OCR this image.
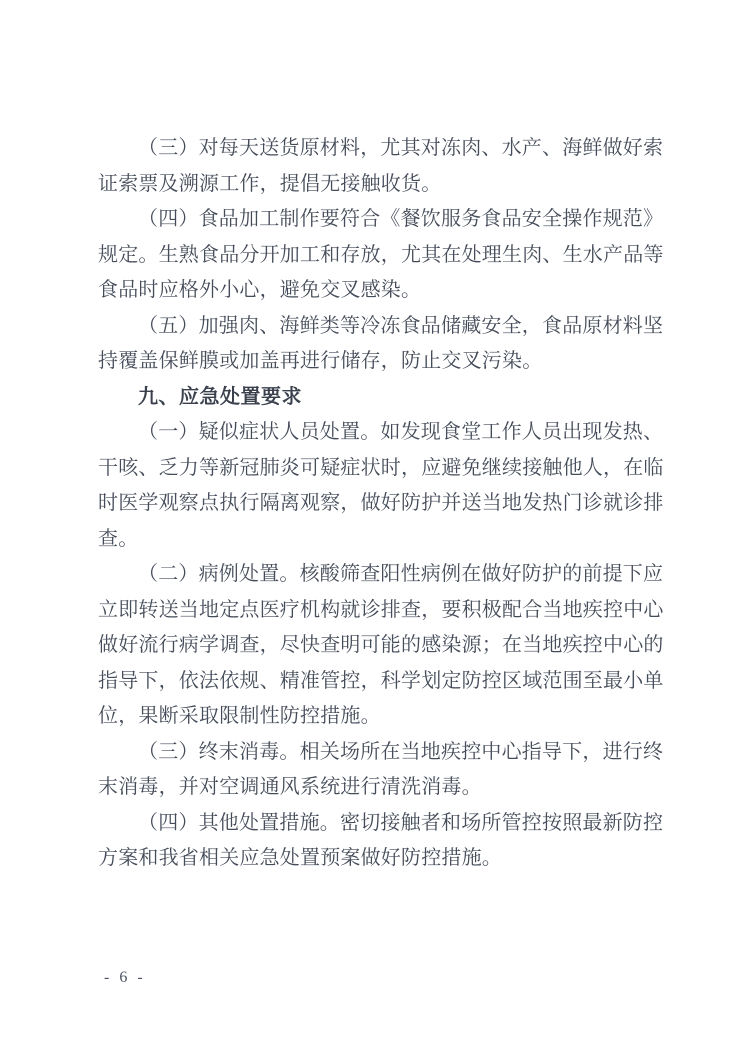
（三）对每天送货原材料，尤其对冻肉、水产、海鲜做好索
证索票及溯源工作，提倡无接触收货。
（四）食品加工制作要符合《餐饮服务食品安全操作规范》
规定。生熟食品分开加工和存放，尤其在处理生肉、生水产品等
食品时应格外小心，避免交叉感染。
（五）加强肉、海鲜类等冷冻食品储藏安全，食品原材料坚
持覆盖保鲜膜或加盖再进行储存，防止交叉污染。
九、应急处置要求
（一）疑似症状人员处置。如发现食堂工作人员出现发热、
干咳、乏力等新冠肺炎可疑症状时，应避免继续接触他人，在临
时医学观察点执行隔离观察，做好防护并送当地发热门诊就诊排
查。
（二）病例处置。核酸筛查阳性病例在做好防护的前提下应
立即转送当地定点医疗机构就诊排查，要积极配合当地疾控中心
做好流行病学调查，尽快查明可能的感染源；在当地疾控中心的
指导下，依法依规、精准管控，科学划定防控区域范围至最小单
位，果断采取限制性防控措施。
（三）终末消毒。相关场所在当地疾控中心指导下，进行终
末消毒，并对空调通风系统进行清洗消毒。
（四）其他处置措施。密切接触者和场所管控按照最新防控
方案和我省相关应急处置预案做好防控措施。
- 6 -
